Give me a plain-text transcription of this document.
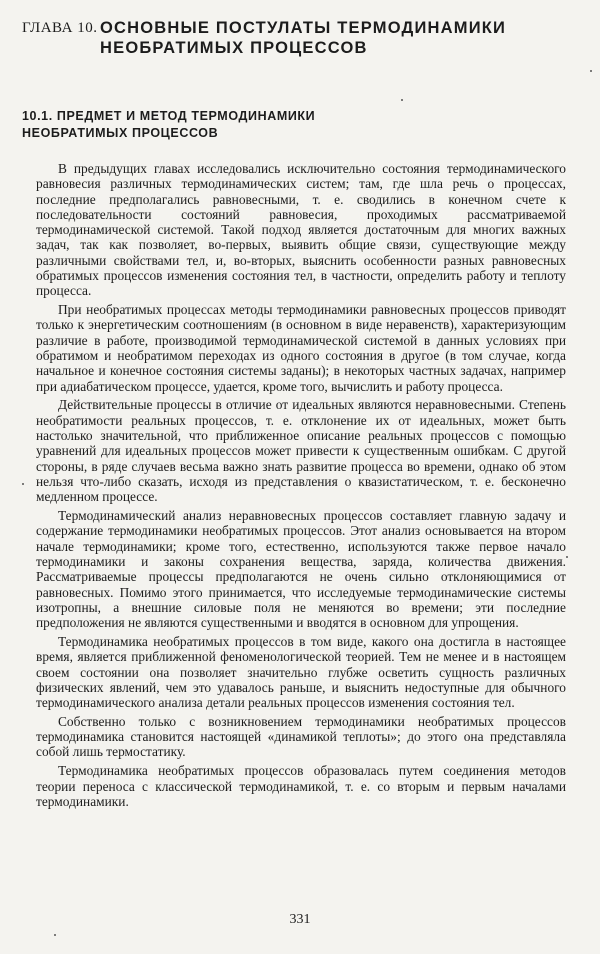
ГЛАВА 10. ОСНОВНЫЕ ПОСТУЛАТЫ ТЕРМОДИНАМИКИ
НЕОБРАТИМЫХ ПРОЦЕССОВ
10.1. ПРЕДМЕТ И МЕТОД ТЕРМОДИНАМИКИ
НЕОБРАТИМЫХ ПРОЦЕССОВ

В предыдущих главах исследовались исключительно состояния термодинамического равновесия различных термодинамических систем; там, где шла речь о процессах, последние предполагались равновесными, т. е. сводились в конечном счете к последовательности состояний равновесия, проходимых рассматриваемой термодинамической системой. Такой подход является достаточным для многих важных задач, так как позволяет, во-первых, выявить общие связи, существующие между различными свойствами тел, и, во-вторых, выяснить особенности разных равновесных обратимых процессов изменения состояния тел, в частности, определить работу и теплоту процесса.

При необратимых процессах методы термодинамики равновесных процессов приводят только к энергетическим соотношениям (в основном в виде неравенств), характеризующим различие в работе, производимой термодинамической системой в данных условиях при обратимом и необратимом переходах из одного состояния в другое (в том случае, когда начальное и конечное состояния системы заданы); в некоторых частных задачах, например при адиабатическом процессе, удается, кроме того, вычислить и работу процесса.

Действительные процессы в отличие от идеальных являются неравновесными. Степень необратимости реальных процессов, т. е. отклонение их от идеальных, может быть настолько значительной, что приближенное описание реальных процессов с помощью уравнений для идеальных процессов может привести к существенным ошибкам. С другой стороны, в ряде случаев весьма важно знать развитие процесса во времени, однако об этом нельзя что-либо сказать, исходя из представления о квазистатическом, т. е. бесконечно медленном процессе.

Термодинамический анализ неравновесных процессов составляет главную задачу и содержание термодинамики необратимых процессов. Этот анализ основывается на втором начале термодинамики; кроме того, естественно, используются также первое начало термодинамики и законы сохранения вещества, заряда, количества движения. Рассматриваемые процессы предполагаются не очень сильно отклоняющимися от равновесных. Помимо этого принимается, что исследуемые термодинамические системы изотропны, а внешние силовые поля не меняются во времени; эти последние предположения не являются существенными и вводятся в основном для упрощения.

Термодинамика необратимых процессов в том виде, какого она достигла в настоящее время, является приближенной феноменологической теорией. Тем не менее и в настоящем своем состоянии она позволяет значительно глубже осветить сущность различных физических явлений, чем это удавалось раньше, и выяснить недоступные для обычного термодинамического анализа детали реальных процессов изменения состояния тел.

Собственно только с возникновением термодинамики необратимых процессов термодинамика становится настоящей «динамикой теплоты»; до этого она представляла собой лишь термостатику.

Термодинамика необратимых процессов образовалась путем соединения методов теории переноса с классической термодинамикой, т. е. со вторым и первым началами термодинамики.

331
